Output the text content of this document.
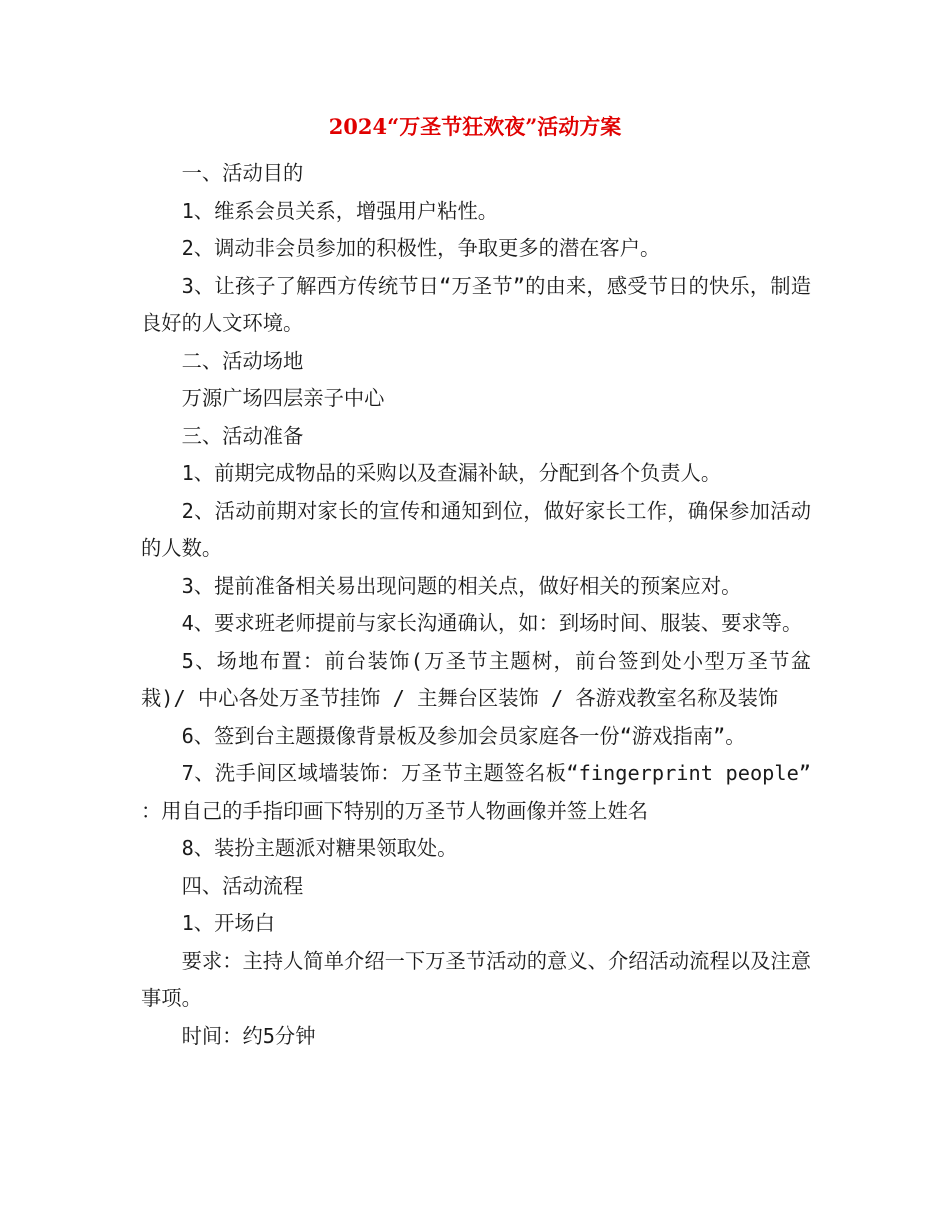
2024“万圣节狂欢夜”活动方案

一、活动目的

1、维系会员关系，增强用户粘性。

2、调动非会员参加的积极性，争取更多的潜在客户。

3、让孩子了解西方传统节日“万圣节”的由来，感受节日的快乐，制造良好的人文环境。

二、活动场地

万源广场四层亲子中心

三、活动准备

1、前期完成物品的采购以及查漏补缺，分配到各个负责人。

2、活动前期对家长的宣传和通知到位，做好家长工作，确保参加活动的人数。

3、提前准备相关易出现问题的相关点，做好相关的预案应对。

4、要求班老师提前与家长沟通确认，如：到场时间、服装、要求等。

5、场地布置：前台装饰(万圣节主题树，前台签到处小型万圣节盆栽)/ 中心各处万圣节挂饰 / 主舞台区装饰 / 各游戏教室名称及装饰

6、签到台主题摄像背景板及参加会员家庭各一份“游戏指南”。

7、洗手间区域墙装饰：万圣节主题签名板“fingerprint people” ：用自己的手指印画下特别的万圣节人物画像并签上姓名

8、装扮主题派对糖果领取处。

四、活动流程

1、开场白

要求：主持人简单介绍一下万圣节活动的意义、介绍活动流程以及注意事项。

时间：约5分钟
